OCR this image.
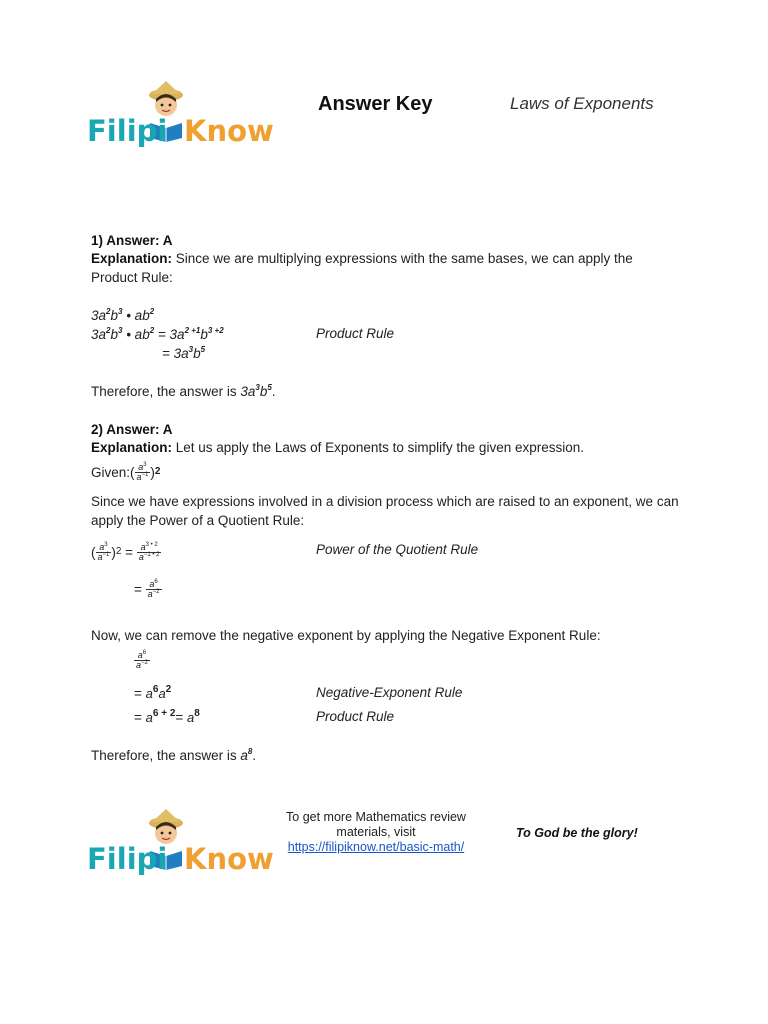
Filipi Know
Answer Key	Laws of Exponents
1) Answer: A
Explanation: Since we are multiplying expressions with the same bases, we can apply the Product Rule:
$3a^2b^3$ • $ab^2$
$3a^2b^3$ • $ab^2 = 3a^{2 +1}b^{3 +2}$	Product Rule
= $3a^3b^5$
Therefore, the answer is $3a^3b^5$.
2) Answer: A
Explanation: Let us apply the Laws of Exponents to simplify the given expression.
Given: ( $\frac{a^3}{a^{-1}}$ ) 2
Since we have expressions involved in a division process which are raised to an exponent, we can apply the Power of a Quotient Rule:
( $\frac{a^3}{a^{-1}}$ ) $2 = \frac{a^{3 • 2}}{a^{-1 • 2}}$	Power of the Quotient Rule
= $\frac{a^6}{a^{-2}}$
Now, we can remove the negative exponent by applying the Negative Exponent Rule:
$\frac{a^6}{a^{-2}}$
= $a^6a^2$	Negative-Exponent Rule
= $a^{6 + 2}= a^8$	Product Rule
Therefore, the answer is $a^8$.
Filipi Know
To get more Mathematics review
materials, visit
https://filipiknow.net/basic-math/
To God be the glory!
